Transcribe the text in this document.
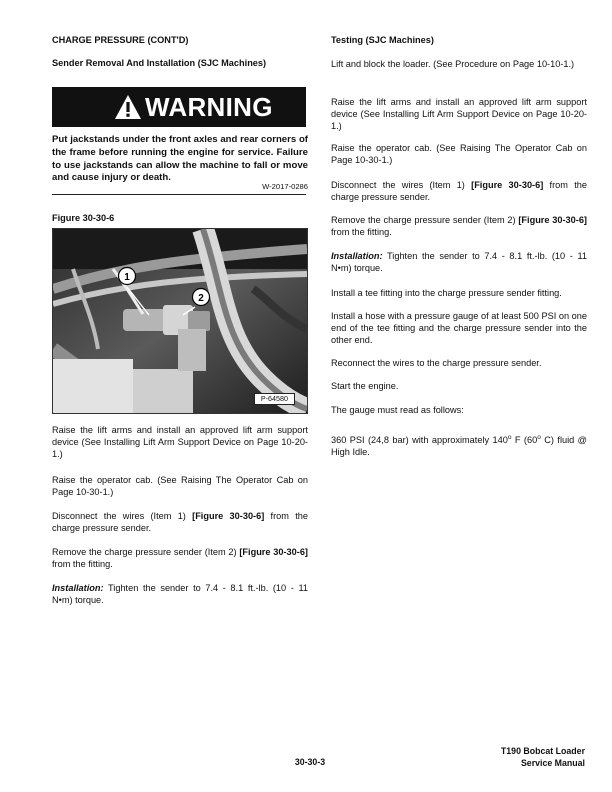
CHARGE PRESSURE (CONT'D)

Sender Removal And Installation (SJC Machines)

WARNING

Put jackstands under the front axles and rear corners of the frame before running the engine for service. Failure to use jackstands can allow the machine to fall or move and cause injury or death.

W-2017-0286

Figure 30-30-6

1
2
P-64580

Raise the lift arms and install an approved lift arm support device (See Installing Lift Arm Support Device on Page 10-20-1.)

Raise the operator cab. (See Raising The Operator Cab on Page 10-30-1.)

Disconnect the wires (Item 1) [Figure 30-30-6] from the charge pressure sender.

Remove the charge pressure sender (Item 2) [Figure 30-30-6] from the fitting.

Installation: Tighten the sender to 7.4 - 8.1 ft.-lb. (10 - 11 N•m) torque.

Testing (SJC Machines)

Lift and block the loader. (See Procedure on Page 10-10-1.)

Raise the lift arms and install an approved lift arm support device (See Installing Lift Arm Support Device on Page 10-20-1.)

Raise the operator cab. (See Raising The Operator Cab on Page 10-30-1.)

Disconnect the wires (Item 1) [Figure 30-30-6] from the charge pressure sender.

Remove the charge pressure sender (Item 2) [Figure 30-30-6] from the fitting.

Installation: Tighten the sender to 7.4 - 8.1 ft.-lb. (10 - 11 N•m) torque.

Install a tee fitting into the charge pressure sender fitting.

Install a hose with a pressure gauge of at least 500 PSI on one end of the tee fitting and the charge pressure sender into the other end.

Reconnect the wires to the charge pressure sender.

Start the engine.

The gauge must read as follows:

360 PSI (24,8 bar) with approximately 140$^o$ F (60$^o$ C) fluid @ High Idle.

30-30-3
T190 Bobcat Loader
Service Manual
